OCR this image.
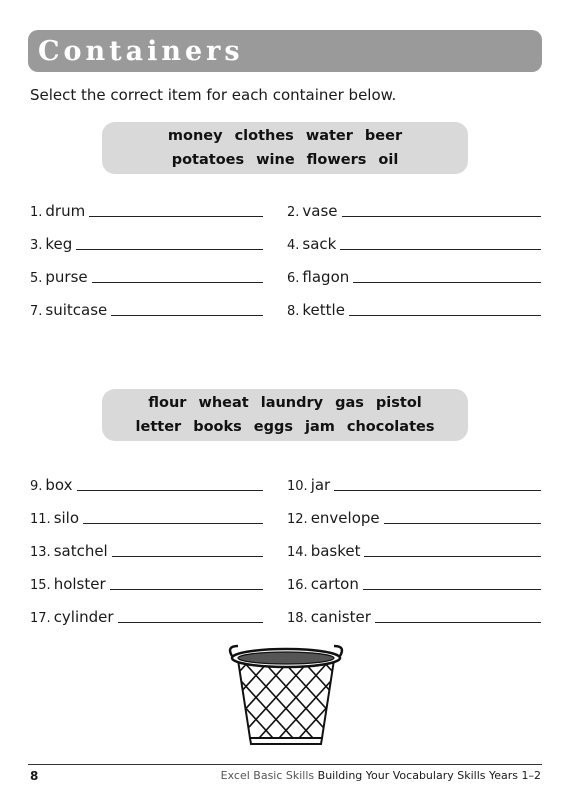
Containers
Select the correct item for each container below.
money clothes water beer
potatoes wine flowers oil
1. drum	2. vase
3. keg	4. sack
5. purse	6. flagon
7. suitcase	8. kettle
flour wheat laundry gas pistol
letter books eggs jam chocolates
9. box	10. jar
11. silo	12. envelope
13. satchel	14. basket
15. holster	16. carton
17. cylinder	18. canister
8	Excel Basic Skills Building Your Vocabulary Skills Years 1–2
